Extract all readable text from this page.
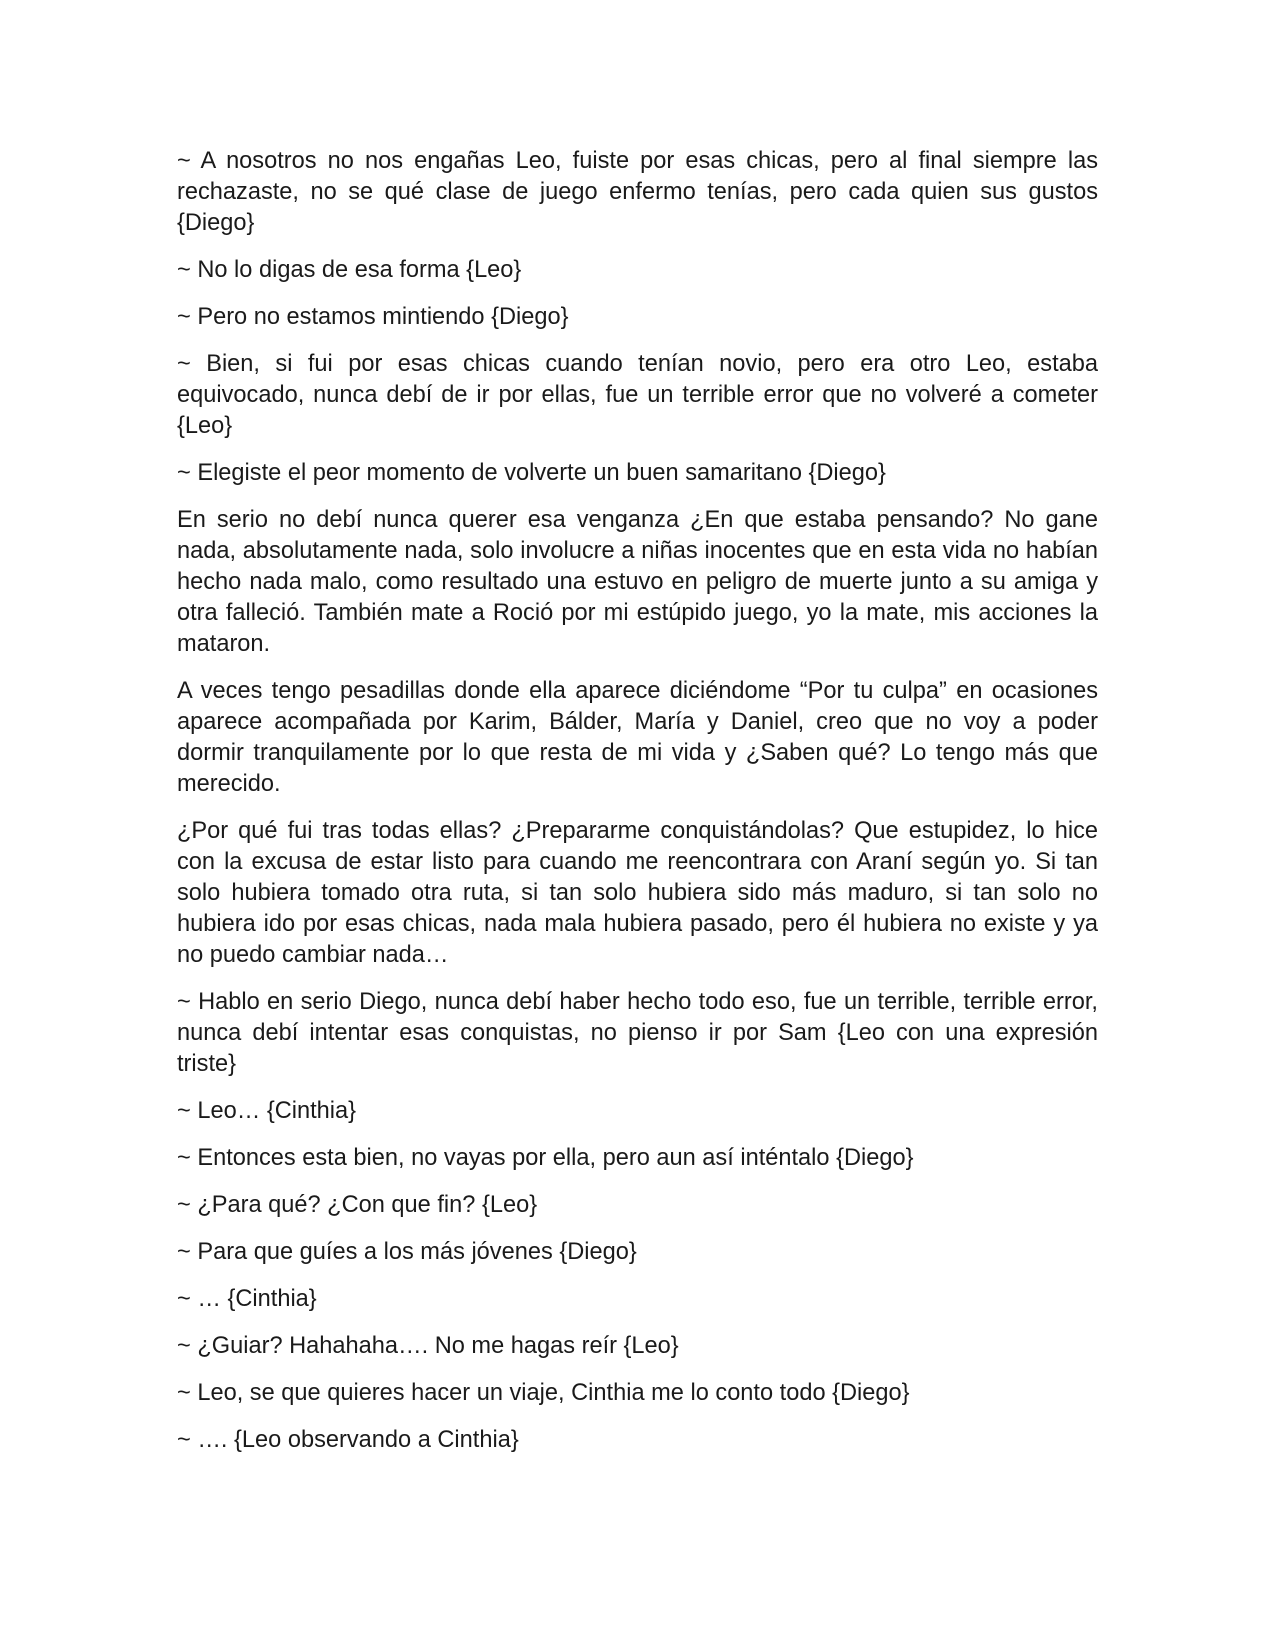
~ A nosotros no nos engañas Leo, fuiste por esas chicas, pero al final siempre las rechazaste, no se qué clase de juego enfermo tenías, pero cada quien sus gustos {Diego}

~ No lo digas de esa forma {Leo}

~ Pero no estamos mintiendo {Diego}

~ Bien, si fui por esas chicas cuando tenían novio, pero era otro Leo, estaba equivocado, nunca debí de ir por ellas, fue un terrible error que no volveré a cometer {Leo}

~ Elegiste el peor momento de volverte un buen samaritano {Diego}

En serio no debí nunca querer esa venganza ¿En que estaba pensando? No gane nada, absolutamente nada, solo involucre a niñas inocentes que en esta vida no habían hecho nada malo, como resultado una estuvo en peligro de muerte junto a su amiga y otra falleció. También mate a Roció por mi estúpido juego, yo la mate, mis acciones la mataron.

A veces tengo pesadillas donde ella aparece diciéndome “Por tu culpa” en ocasiones aparece acompañada por Karim, Bálder, María y Daniel, creo que no voy a poder dormir tranquilamente por lo que resta de mi vida y ¿Saben qué? Lo tengo más que merecido.

¿Por qué fui tras todas ellas? ¿Prepararme conquistándolas? Que estupidez, lo hice con la excusa de estar listo para cuando me reencontrara con Araní según yo. Si tan solo hubiera tomado otra ruta, si tan solo hubiera sido más maduro, si tan solo no hubiera ido por esas chicas, nada mala hubiera pasado, pero él hubiera no existe y ya no puedo cambiar nada…

~ Hablo en serio Diego, nunca debí haber hecho todo eso, fue un terrible, terrible error, nunca debí intentar esas conquistas, no pienso ir por Sam {Leo con una expresión triste}

~ Leo… {Cinthia}

~ Entonces esta bien, no vayas por ella, pero aun así inténtalo {Diego}

~ ¿Para qué? ¿Con que fin? {Leo}

~ Para que guíes a los más jóvenes {Diego}

~ … {Cinthia}

~ ¿Guiar? Hahahaha…. No me hagas reír {Leo}

~ Leo, se que quieres hacer un viaje, Cinthia me lo conto todo {Diego}

~ …. {Leo observando a Cinthia}
